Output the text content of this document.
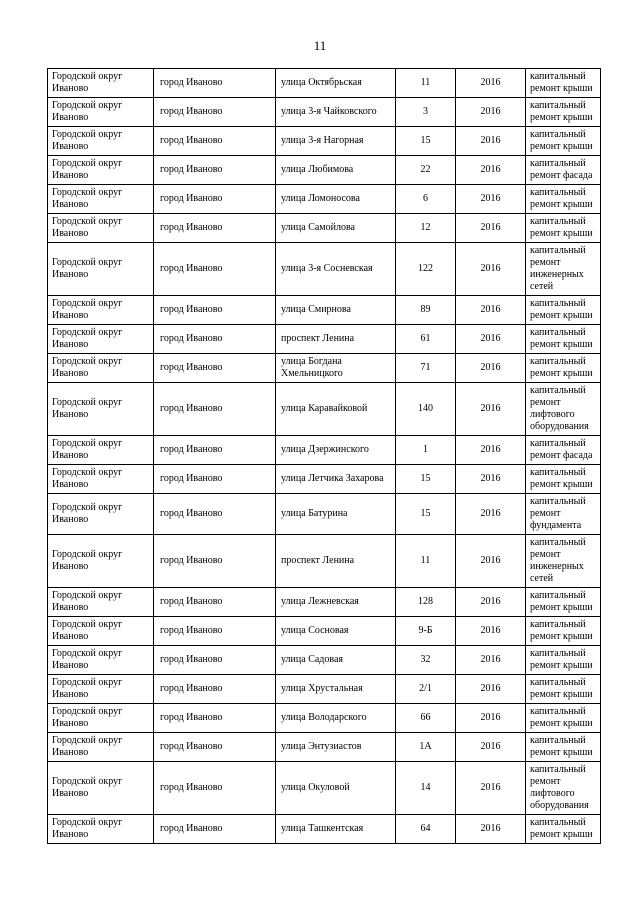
11
Городской округ Иваново	город Иваново	улица Октябрьская	11	2016	капитальный ремонт крыши
Городской округ Иваново	город Иваново	улица 3-я Чайковского	3	2016	капитальный ремонт крыши
Городской округ Иваново	город Иваново	улица 3-я Нагорная	15	2016	капитальный ремонт крыши
Городской округ Иваново	город Иваново	улица Любимова	22	2016	капитальный ремонт фасада
Городской округ Иваново	город Иваново	улица Ломоносова	6	2016	капитальный ремонт крыши
Городской округ Иваново	город Иваново	улица Самойлова	12	2016	капитальный ремонт крыши
Городской округ Иваново	город Иваново	улица 3-я Сосневская	122	2016	капитальный ремонт инженерных сетей
Городской округ Иваново	город Иваново	улица Смирнова	89	2016	капитальный ремонт крыши
Городской округ Иваново	город Иваново	проспект Ленина	61	2016	капитальный ремонт крыши
Городской округ Иваново	город Иваново	улица Богдана Хмельницкого	71	2016	капитальный ремонт крыши
Городской округ Иваново	город Иваново	улица Каравайковой	140	2016	капитальный ремонт лифтового оборудования
Городской округ Иваново	город Иваново	улица Дзержинского	1	2016	капитальный ремонт фасада
Городской округ Иваново	город Иваново	улица Летчика Захарова	15	2016	капитальный ремонт крыши
Городской округ Иваново	город Иваново	улица Батурина	15	2016	капитальный ремонт фундамента
Городской округ Иваново	город Иваново	проспект Ленина	11	2016	капитальный ремонт инженерных сетей
Городской округ Иваново	город Иваново	улица Лежневская	128	2016	капитальный ремонт крыши
Городской округ Иваново	город Иваново	улица Сосновая	9-Б	2016	капитальный ремонт крыши
Городской округ Иваново	город Иваново	улица Садовая	32	2016	капитальный ремонт крыши
Городской округ Иваново	город Иваново	улица Хрустальная	2/1	2016	капитальный ремонт крыши
Городской округ Иваново	город Иваново	улица Володарского	66	2016	капитальный ремонт крыши
Городской округ Иваново	город Иваново	улица Энтузиастов	1А	2016	капитальный ремонт крыши
Городской округ Иваново	город Иваново	улица Окуловой	14	2016	капитальный ремонт лифтового оборудования
Городской округ Иваново	город Иваново	улица Ташкентская	64	2016	капитальный ремонт крыши
